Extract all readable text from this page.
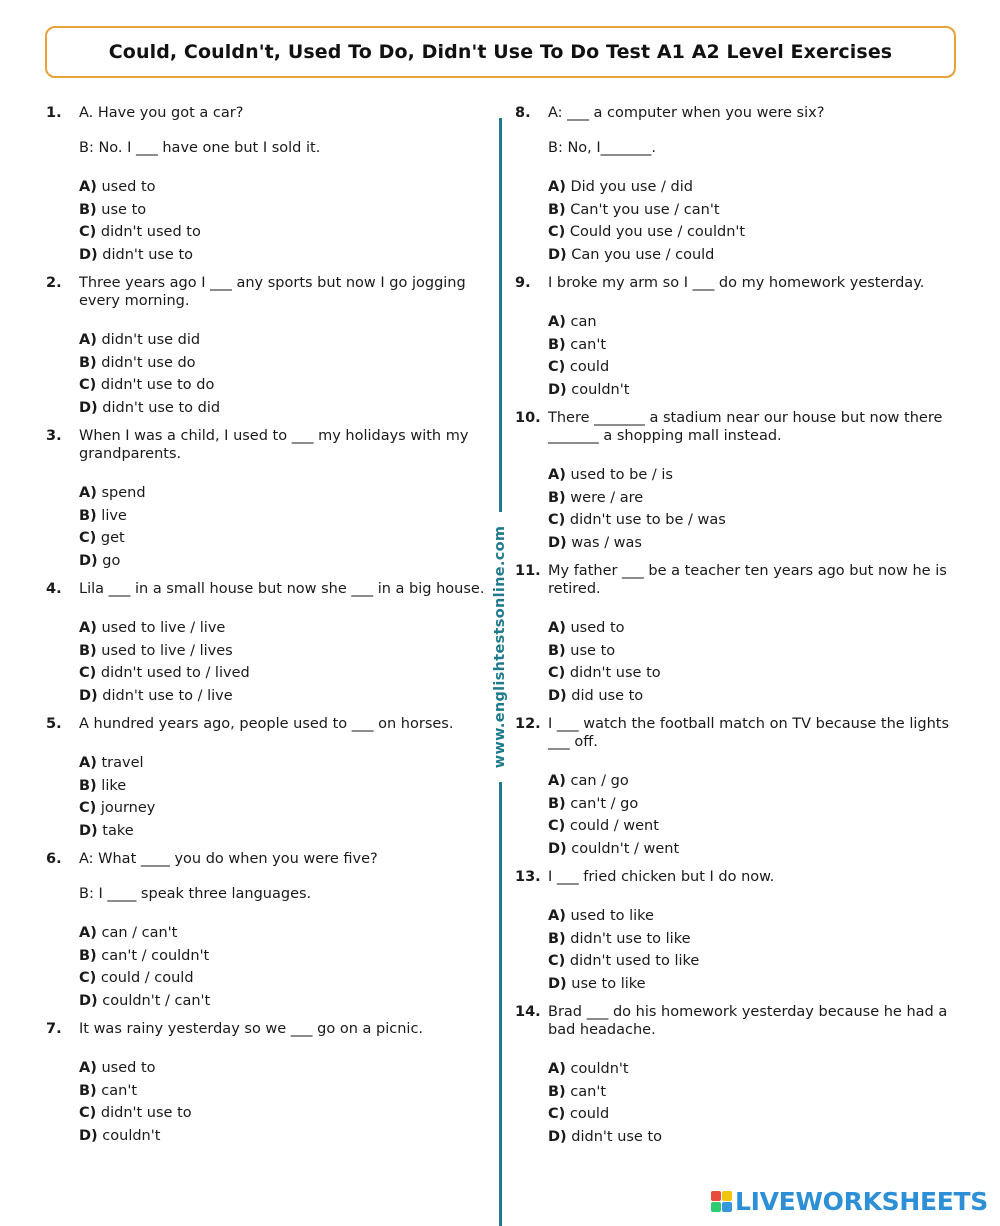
Could, Couldn't, Used To Do, Didn't Use To Do Test A1 A2 Level Exercises
1.	A. Have you got a car?
B: No. I ___ have one but I sold it.
A) used to
B) use to
C) didn't used to
D) didn't use to
2.	Three years ago I ___ any sports but now I go jogging every morning.
A) didn't use did
B) didn't use do
C) didn't use to do
D) didn't use to did
3.	When I was a child, I used to ___ my holidays with my grandparents.
A) spend
B) live
C) get
D) go
4.	Lila ___ in a small house but now she ___ in a big house.
A) used to live / live
B) used to live / lives
C) didn't used to / lived
D) didn't use to / live
5.	A hundred years ago, people used to ___ on horses.
A) travel
B) like
C) journey
D) take
6.	A: What ____ you do when you were five?
B: I ____ speak three languages.
A) can / can't
B) can't / couldn't
C) could / could
D) couldn't / can't
7.	It was rainy yesterday so we ___ go on a picnic.
A) used to
B) can't
C) didn't use to
D) couldn't
8.	A: ___ a computer when you were six?
B: No, I_______.
A) Did you use / did
B) Can't you use / can't
C) Could you use / couldn't
D) Can you use / could
9.	I broke my arm so I ___ do my homework yesterday.
A) can
B) can't
C) could
D) couldn't
10. There _______ a stadium near our house but now there _______ a shopping mall instead.
A) used to be / is
B) were / are
C) didn't use to be / was
D) was / was
11. My father ___ be a teacher ten years ago but now he is retired.
A) used to
B) use to
C) didn't use to
D) did use to
12. I ___ watch the football match on TV because the lights ___ off.
A) can / go
B) can't / go
C) could / went
D) couldn't / went
13. I ___ fried chicken but I do now.
A) used to like
B) didn't use to like
C) didn't used to like
D) use to like
14. Brad ___ do his homework yesterday because he had a bad headache.
A) couldn't
B) can't
C) could
D) didn't use to
www.englishtestsonline.com
LIVEWORKSHEETS
